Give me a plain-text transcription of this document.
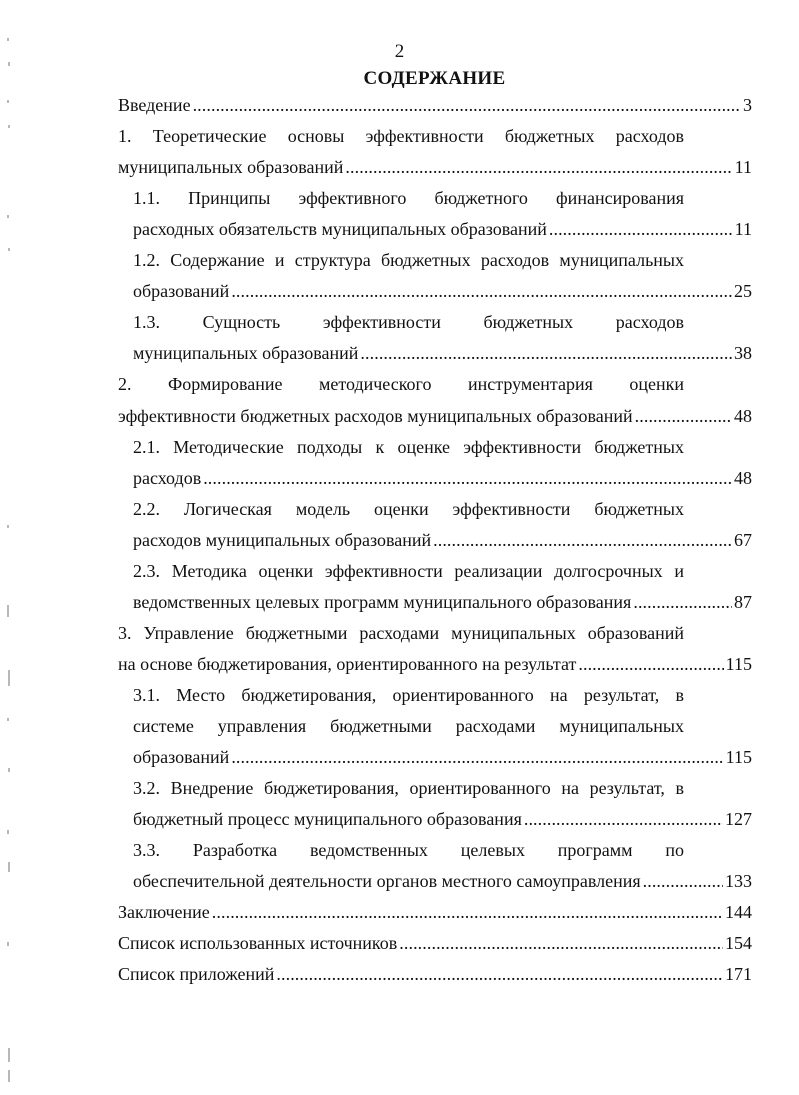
2
СОДЕРЖАНИЕ
Введение . . .	3
1. Теоретические основы эффективности бюджетных расходов
муниципальных образований . . .	11
1.1. Принципы эффективного бюджетного финансирования
расходных обязательств муниципальных образований . . .	11
1.2. Содержание и структура бюджетных расходов муниципальных
образований . . .	25
1.3. Сущность эффективности бюджетных расходов
муниципальных образований . . .	38
2. Формирование методического инструментария оценки
эффективности бюджетных расходов муниципальных образований . . .	48
2.1. Методические подходы к оценке эффективности бюджетных
расходов . . .	48
2.2. Логическая модель оценки эффективности бюджетных
расходов муниципальных образований . . .	67
2.3. Методика оценки эффективности реализации долгосрочных и
ведомственных целевых программ муниципального образования . . .	87
3. Управление бюджетными расходами муниципальных образований
на основе бюджетирования, ориентированного на результат . . .	115
3.1. Место бюджетирования, ориентированного на результат, в
системе управления бюджетными расходами муниципальных
образований . . .	115
3.2. Внедрение бюджетирования, ориентированного на результат, в
бюджетный процесс муниципального образования . . .	127
3.3. Разработка ведомственных целевых программ по
обеспечительной деятельности органов местного самоуправления . . .	133
Заключение . . .	144
Список использованных источников . . .	154
Список приложений . . .	171
